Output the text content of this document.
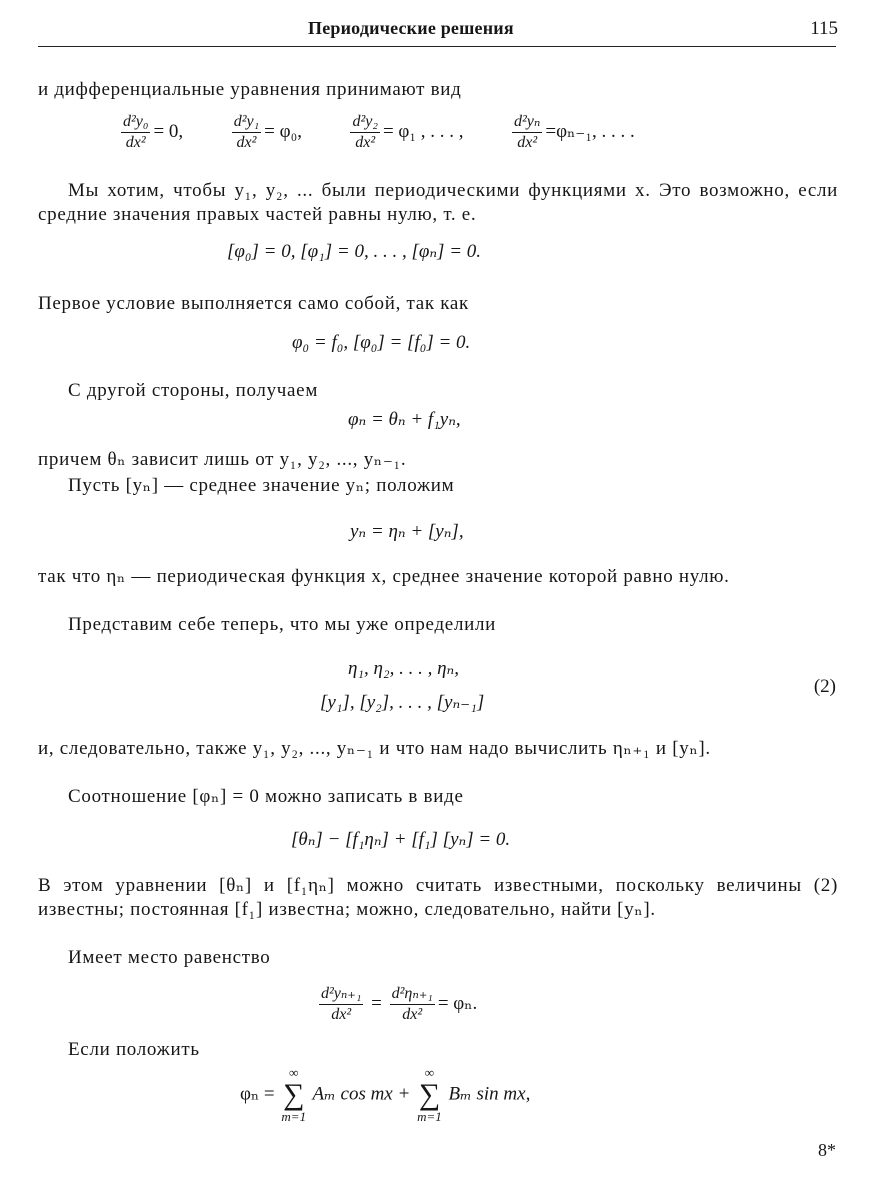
Периодические решения	115
и дифференциальные уравнения принимают вид
$\frac{\text{d²y₀}}{\text{dx²}} = 0$,	$\frac{\text{d²y₁}}{\text{dx²}} = \varphi_0$,	$\frac{\text{d²y₂}}{\text{dx²}} = \varphi_1$ , . . . ,	$\frac{\text{d²yₙ}}{\text{dx²}} =\varphi_{n-1}$, . . . .
Мы хотим, чтобы y₁, y₂, ... были периодическими функциями x. Это возможно, если средние значения правых частей равны нулю, т. е.
[φ₀] = 0, [φ₁] = 0, . . . , [φₙ] = 0.
Первое условие выполняется само собой, так как
φ₀ = f₀, [φ₀] = [f₀] = 0.
С другой стороны, получаем
φₙ = θₙ + f₁yₙ,
причем θₙ зависит лишь от y₁, y₂, ..., yₙ₋₁.
Пусть [yₙ] — среднее значение yₙ; положим
yₙ = ηₙ + [yₙ],
так что ηₙ — периодическая функция x, среднее значение которой равно нулю.
Представим себе теперь, что мы уже определили
η₁, η₂, . . . , ηₙ,
[y₁], [y₂], . . . , [yₙ₋₁]
(2)
и, следовательно, также y₁, y₂, ..., yₙ₋₁ и что нам надо вычислить ηₙ₊₁ и [yₙ].
Соотношение [φₙ] = 0 можно записать в виде
[θₙ] − [f₁ηₙ] + [f₁] [yₙ] = 0.
В этом уравнении [θₙ] и [f₁ηₙ] можно считать известными, поскольку величины (2) известны; постоянная [f₁] известна; можно, следовательно, найти [yₙ].
Имеет место равенство
$\frac{\text{d²yₙ₊₁}}{\text{dx²}} = \frac{\text{d²ηₙ₊₁}}{\text{dx²}} = \varphi_n$.
Если положить
φₙ =
∞
∑
m=1
Aₘ cos mx +
∞
∑
m=1
Bₘ sin mx,
8*
